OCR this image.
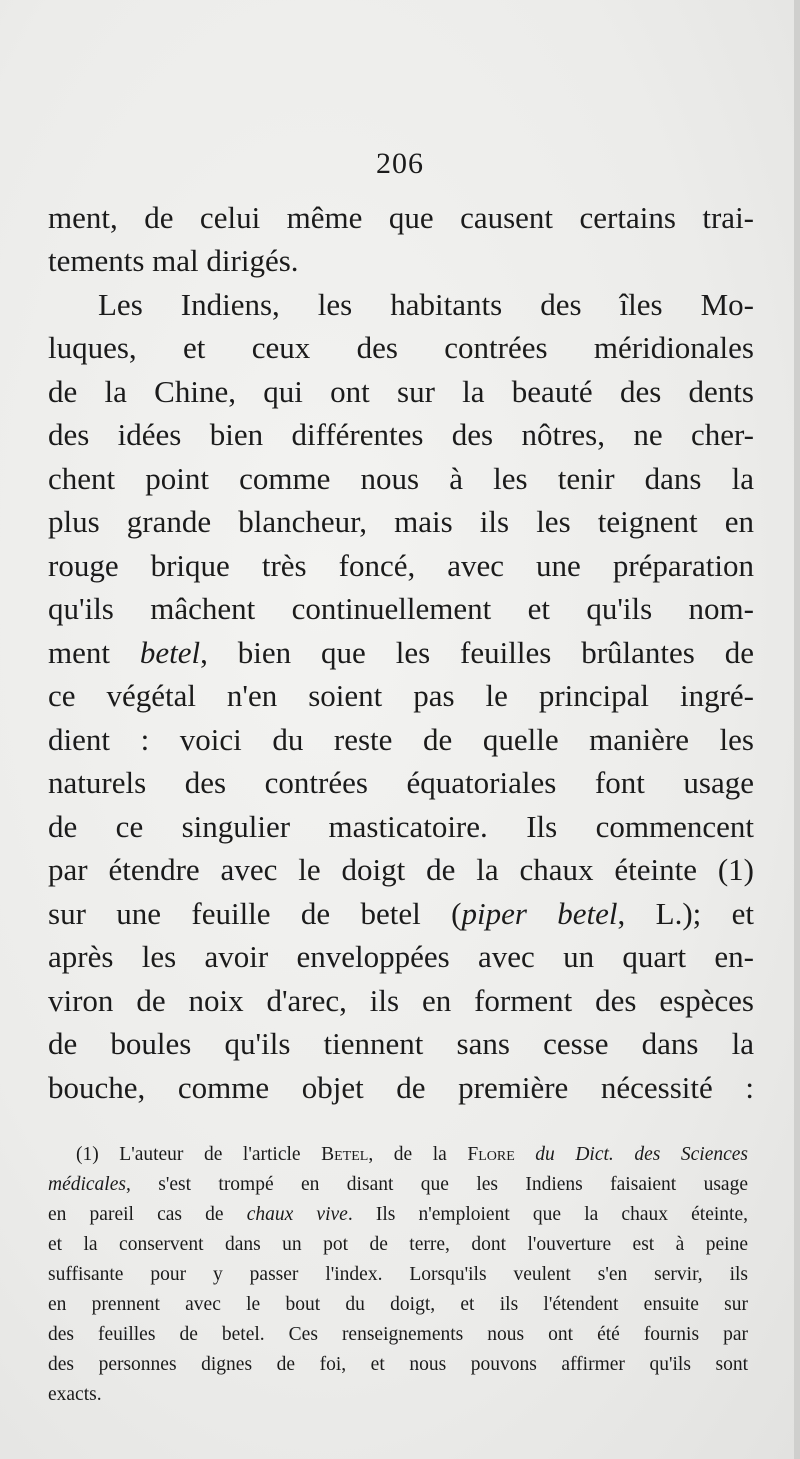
206
ment, de celui même que causent certains trai-
tements mal dirigés.
Les Indiens, les habitants des îles Mo-
luques, et ceux des contrées méridionales
de la Chine, qui ont sur la beauté des dents
des idées bien différentes des nôtres, ne cher-
chent point comme nous à les tenir dans la
plus grande blancheur, mais ils les teignent en
rouge brique très foncé, avec une préparation
qu'ils mâchent continuellement et qu'ils nom-
ment betel, bien que les feuilles brûlantes de
ce végétal n'en soient pas le principal ingré-
dient : voici du reste de quelle manière les
naturels des contrées équatoriales font usage
de ce singulier masticatoire. Ils commencent
par étendre avec le doigt de la chaux éteinte (1)
sur une feuille de betel (piper betel, L.); et
après les avoir enveloppées avec un quart en-
viron de noix d'arec, ils en forment des espèces
de boules qu'ils tiennent sans cesse dans la
bouche, comme objet de première nécessité :
(1) L'auteur de l'article Betel, de la Flore du Dict. des Sciences
médicales, s'est trompé en disant que les Indiens faisaient usage
en pareil cas de chaux vive. Ils n'emploient que la chaux éteinte,
et la conservent dans un pot de terre, dont l'ouverture est à peine
suffisante pour y passer l'index. Lorsqu'ils veulent s'en servir, ils
en prennent avec le bout du doigt, et ils l'étendent ensuite sur
des feuilles de betel. Ces renseignements nous ont été fournis par
des personnes dignes de foi, et nous pouvons affirmer qu'ils sont
exacts.
